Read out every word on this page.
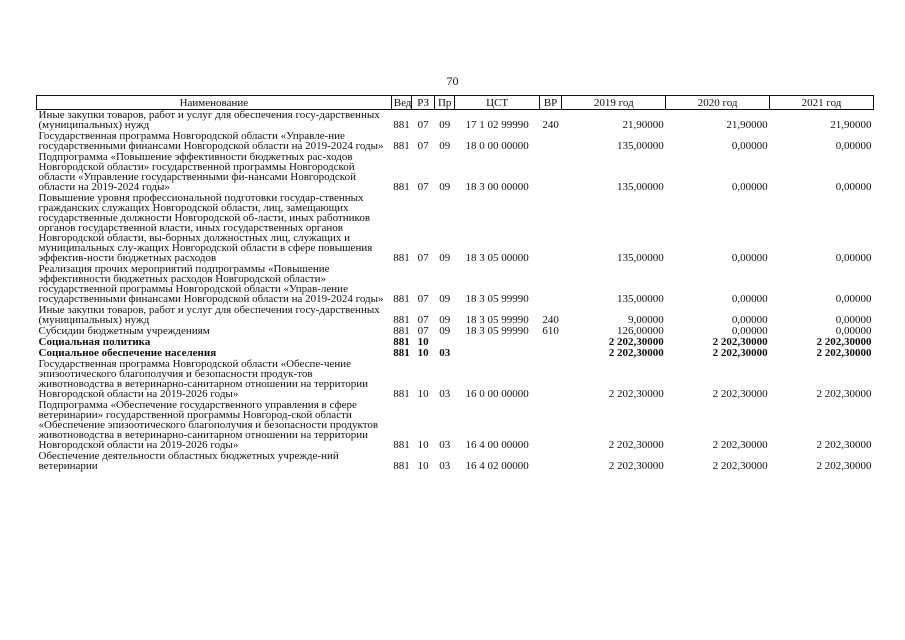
70
Наименование	Вед	РЗ	Пр	ЦСТ	ВР	2019 год	2020 год	2021 год
Иные закупки товаров, работ и услуг для обеспечения госу-дарственных (муниципальных) нужд	881	07	09	17 1 02 99990	240	21,90000	21,90000	21,90000
Государственная программа Новгородской области «Управле-ние государственными финансами Новгородской области на 2019-2024 годы»	881	07	09	18 0 00 00000		135,00000	0,00000	0,00000
Подпрограмма «Повышение эффективности бюджетных рас-ходов Новгородской области» государственной программы Новгородской области «Управление государственными фи-нансами Новгородской области на 2019-2024 годы»	881	07	09	18 3 00 00000		135,00000	0,00000	0,00000
Повышение уровня профессиональной подготовки государ-ственных гражданских служащих Новгородской области, лиц, замещающих государственные должности Новгородской об-ласти, иных работников органов государственной власти, иных государственных органов Новгородской области, вы-борных должностных лиц, служащих и муниципальных слу-жащих Новгородской области в сфере повышения эффектив-ности бюджетных расходов	881	07	09	18 3 05 00000		135,00000	0,00000	0,00000
Реализация прочих мероприятий подпрограммы «Повышение эффективности бюджетных расходов Новгородской области» государственной программы Новгородской области «Управ-ление государственными финансами Новгородской области на 2019-2024 годы»	881	07	09	18 3 05 99990		135,00000	0,00000	0,00000
Иные закупки товаров, работ и услуг для обеспечения госу-дарственных (муниципальных) нужд	881	07	09	18 3 05 99990	240	9,00000	0,00000	0,00000
Субсидии бюджетным учреждениям	881	07	09	18 3 05 99990	610	126,00000	0,00000	0,00000
Социальная политика	881	10				2 202,30000	2 202,30000	2 202,30000
Социальное обеспечение населения	881	10	03			2 202,30000	2 202,30000	2 202,30000
Государственная программа Новгородской области «Обеспе-чение эпизоотического благополучия и безопасности продук-тов животноводства в ветеринарно-санитарном отношении на территории Новгородской области на 2019-2026 годы»	881	10	03	16 0 00 00000		2 202,30000	2 202,30000	2 202,30000
Подпрограмма «Обеспечение государственного управления в сфере ветеринарии» государственной программы Новгород-ской области «Обеспечение эпизоотического благополучия и безопасности продуктов животноводства в ветеринарно-санитарном отношении на территории Новгородской области на 2019-2026 годы»	881	10	03	16 4 00 00000		2 202,30000	2 202,30000	2 202,30000
Обеспечение деятельности областных бюджетных учрежде-ний ветеринарии	881	10	03	16 4 02 00000		2 202,30000	2 202,30000	2 202,30000
